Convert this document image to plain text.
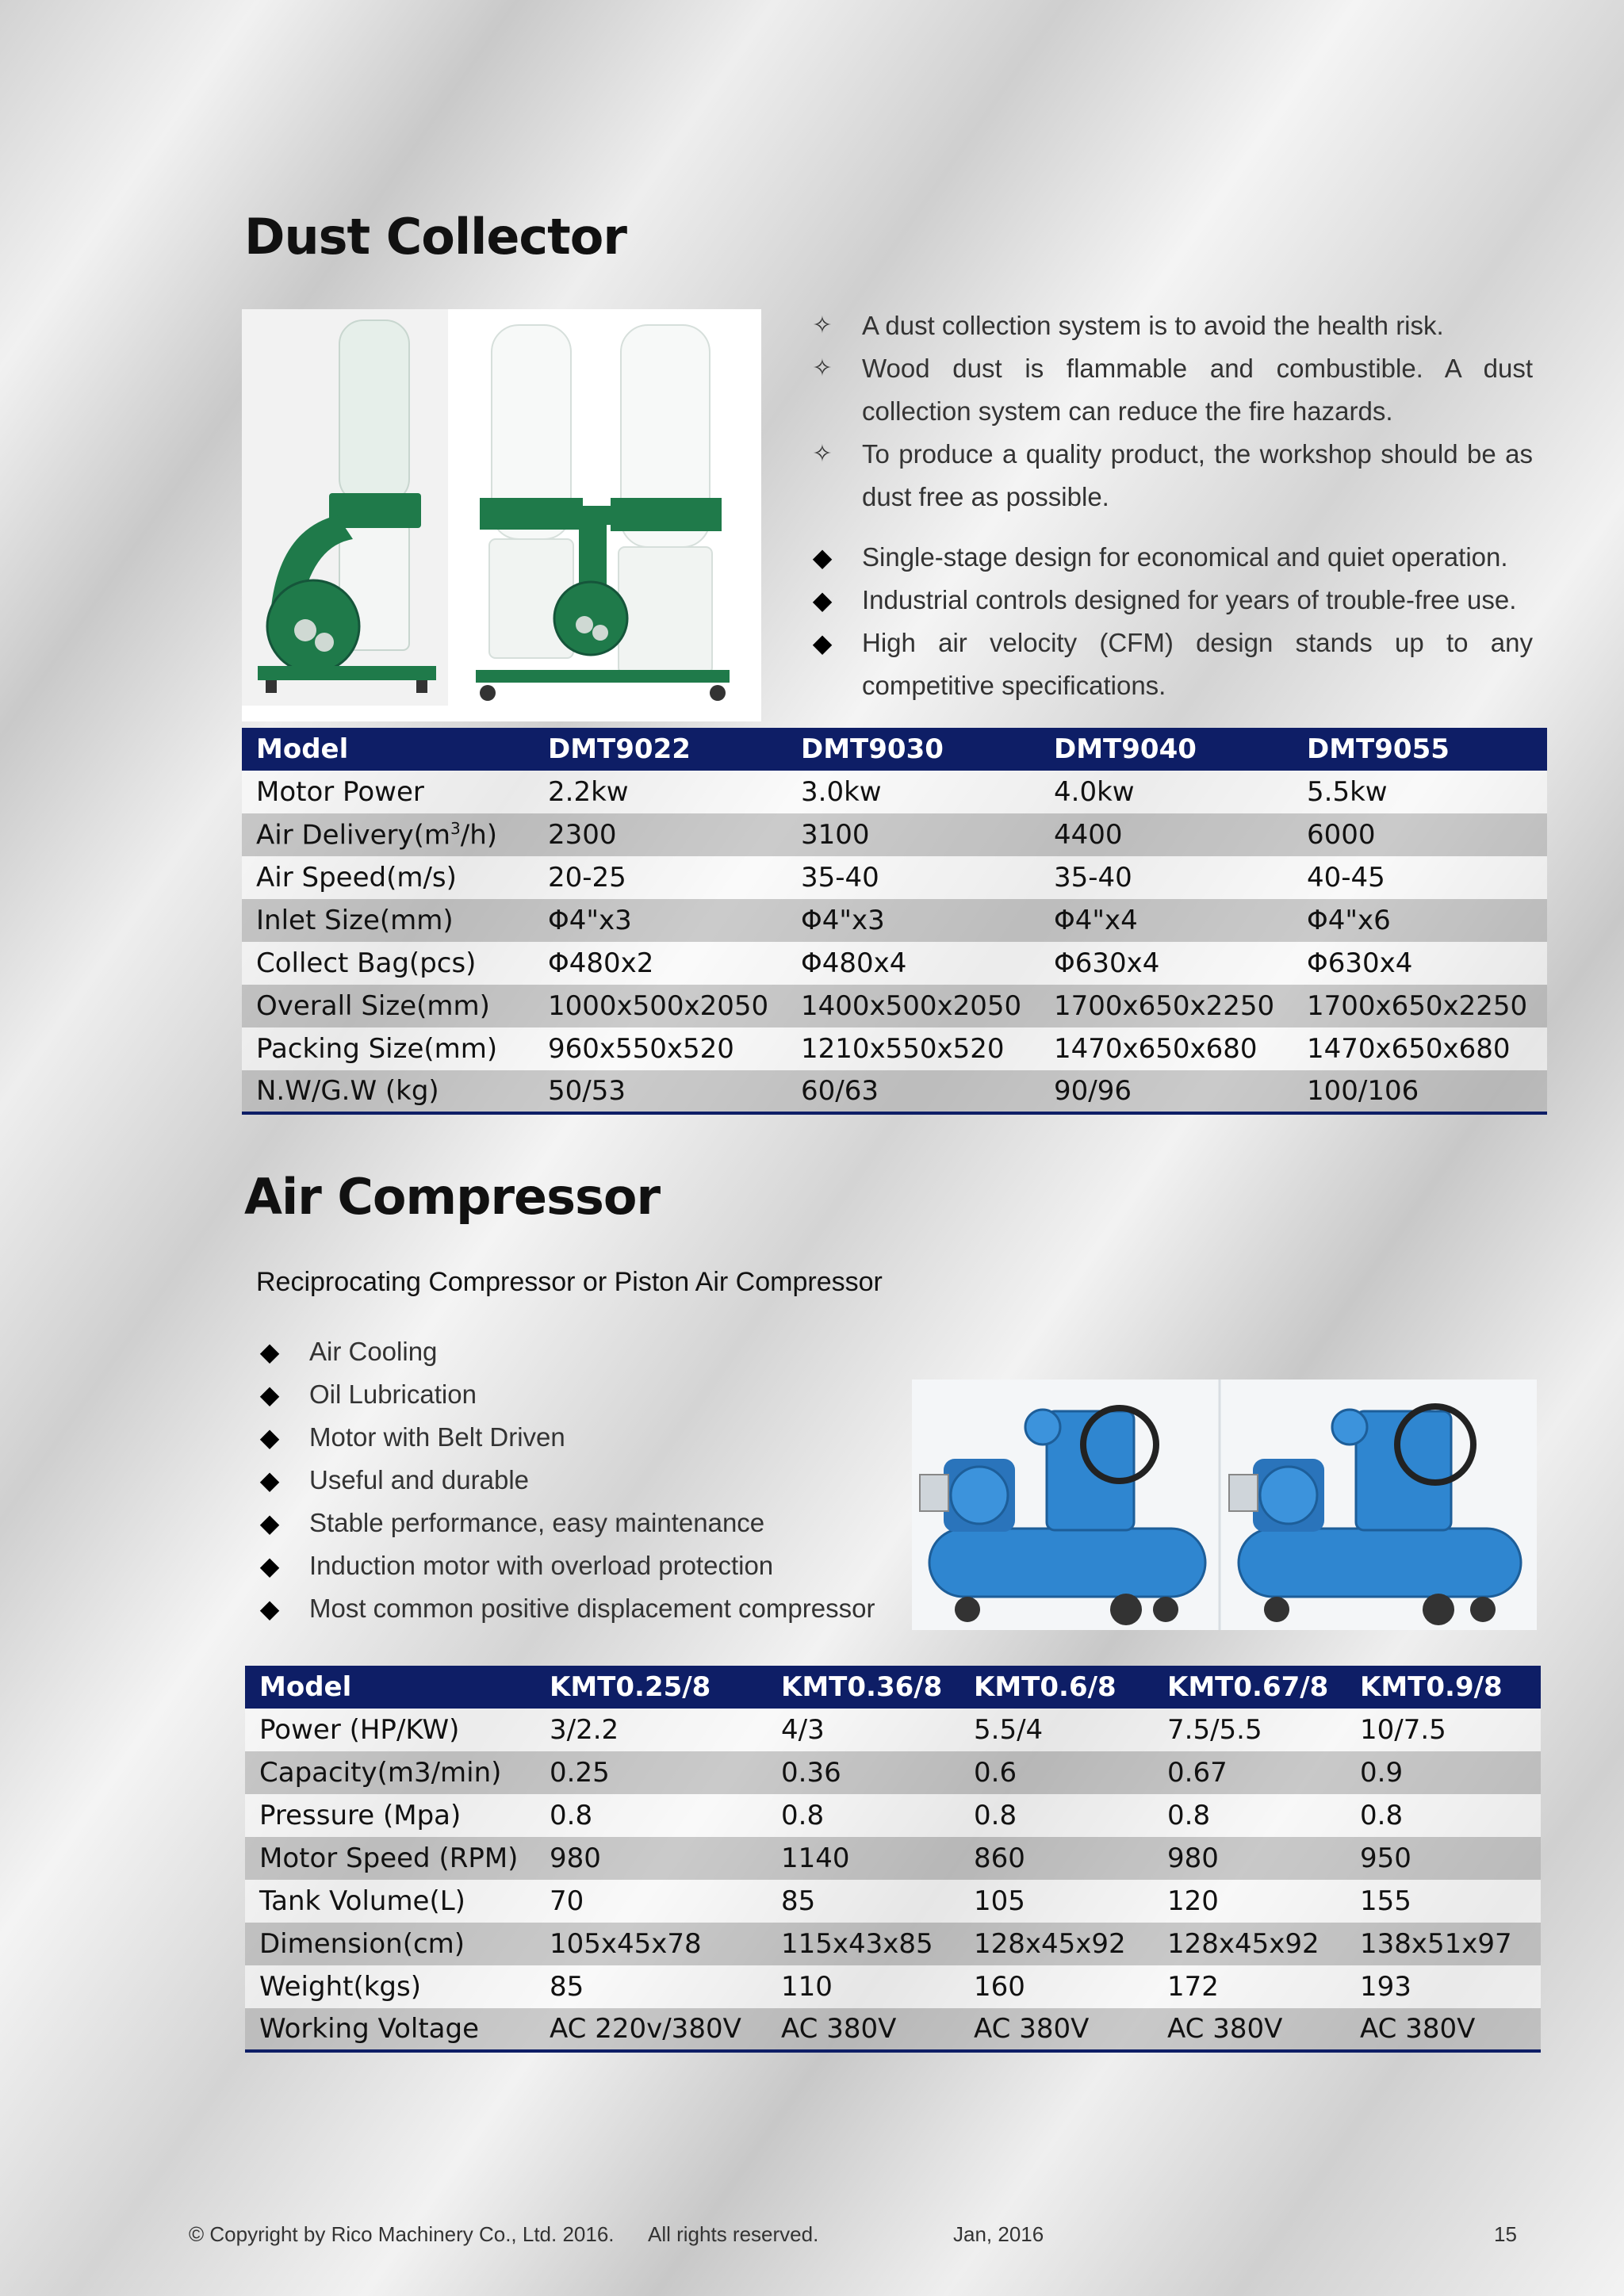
Dust Collector
✧ A dust collection system is to avoid the health risk.
✧ Wood dust is flammable and combustible. A dust collection system can reduce the fire hazards.
✧ To produce a quality product, the workshop should be as dust free as possible.
◆ Single-stage design for economical and quiet operation.
◆ Industrial controls designed for years of trouble-free use.
◆ High air velocity (CFM) design stands up to any competitive specifications.
Model	DMT9022	DMT9030	DMT9040	DMT9055
Motor Power	2.2kw	3.0kw	4.0kw	5.5kw
Air $Delivery(m^3/h)$	2300	3100	4400	6000
Air Speed(m/s)	20-25	35-40	35-40	40-45
Inlet Size(mm)	Φ4"x3	Φ4"x3	Φ4"x4	Φ4"x6
Collect Bag(pcs)	Φ480x2	Φ480x4	Φ630x4	Φ630x4
Overall Size(mm)	1000x500x2050	1400x500x2050	1700x650x2250	1700x650x2250
Packing Size(mm)	960x550x520	1210x550x520	1470x650x680	1470x650x680
N.W/G.W (kg)	50/53	60/63	90/96	100/106
Air Compressor
Reciprocating Compressor or Piston Air Compressor
◆ Air Cooling
◆ Oil Lubrication
◆ Motor with Belt Driven
◆ Useful and durable
◆ Stable performance, easy maintenance
◆ Induction motor with overload protection
◆ Most common positive displacement compressor
Model	KMT0.25/8	KMT0.36/8	KMT0.6/8	KMT0.67/8	KMT0.9/8
Power (HP/KW)	3/2.2	4/3	5.5/4	7.5/5.5	10/7.5
Capacity(m3/min)	0.25	0.36	0.6	0.67	0.9
Pressure (Mpa)	0.8	0.8	0.8	0.8	0.8
Motor Speed (RPM)	980	1140	860	980	950
Tank Volume(L)	70	85	105	120	155
Dimension(cm)	105x45x78	115x43x85	128x45x92	128x45x92	138x51x97
Weight(kgs)	85	110	160	172	193
Working Voltage	AC 220v/380V	AC 380V	AC 380V	AC 380V	AC 380V
© Copyright by Rico Machinery Co., Ltd. 2016. All rights reserved.	Jan, 2016	15
